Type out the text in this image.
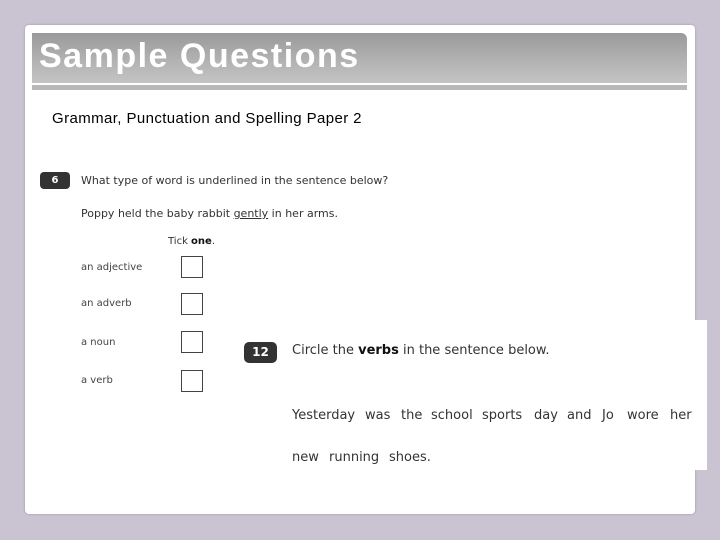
Sample Questions
Grammar, Punctuation and Spelling Paper 2
6	What type of word is underlined in the sentence below?
Poppy held the baby rabbit gently in her arms.
Tick one.
an adjective
an adverb
a noun
a verb
12	Circle the verbs in the sentence below.
Yesterday was the school sports day and Jo wore her
new running shoes.
